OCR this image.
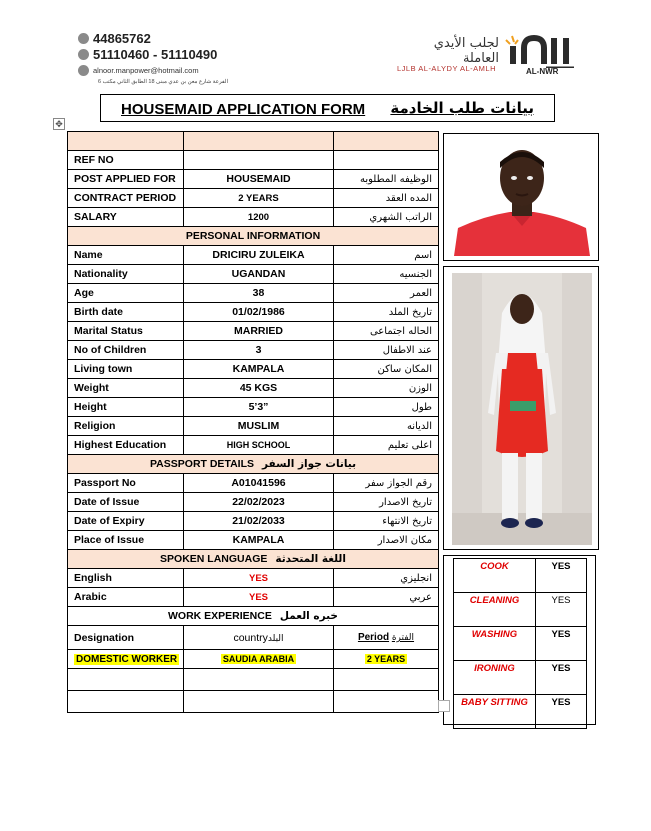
44865762
51110460 - 51110490
alnoor.manpower@hotmail.com
الفرعة شارع معن بن عدي مبنى 18 الطابق الثاني مكتب 6
لجلب الأيدي العاملة
LJLB AL-ALYDY AL-AMLH	AL-NWR
HOUSEMAID APPLICATION FORM بيانات طلب الخادمة
✥

REF NO		
POST APPLIED FOR	HOUSEMAID	الوظيفه المطلوبه
CONTRACT PERIOD	2 YEARS	المده العقد
SALARY	1200	الراتب الشهري
PERSONAL INFORMATION		
Name	DRICIRU ZULEIKA	اسم
Nationality	UGANDAN	الجنسيه
Age	38	العمر
Birth date	01/02/1986	تاريخ الملد
Marital Status	MARRIED	الحاله اجتماعى
No of Children	3	عند الاطفال
Living town	KAMPALA	المكان ساكن
Weight	45 KGS	الوزن
Height	5’3”	طول
Religion	MUSLIM	الديانه
Highest Education	HIGH SCHOOL	اعلى تعليم
PASSPORT DETAILS بيانات جواز السفر		
Passport No	A01041596	رقم الجواز سفر
Date of Issue	22/02/2023	تاريخ الاصدار
Date of Expiry	21/02/2033	تاريخ الانتهاء
Place of Issue	KAMPALA	مكان الاصدار
SPOKEN LANGUAGE اللغة المتحدثة		
English	YES	انجليزي
Arabic	YES	عربي
WORK EXPERIENCE خبره العمل		
Designation	countryالبلد	Period الفترة
DOMESTIC WORKER	SAUDIA ARABIA	2 YEARS

COOK	YES
CLEANING	YES
WASHING	YES
IRONING	YES
BABY SITTING	YES
